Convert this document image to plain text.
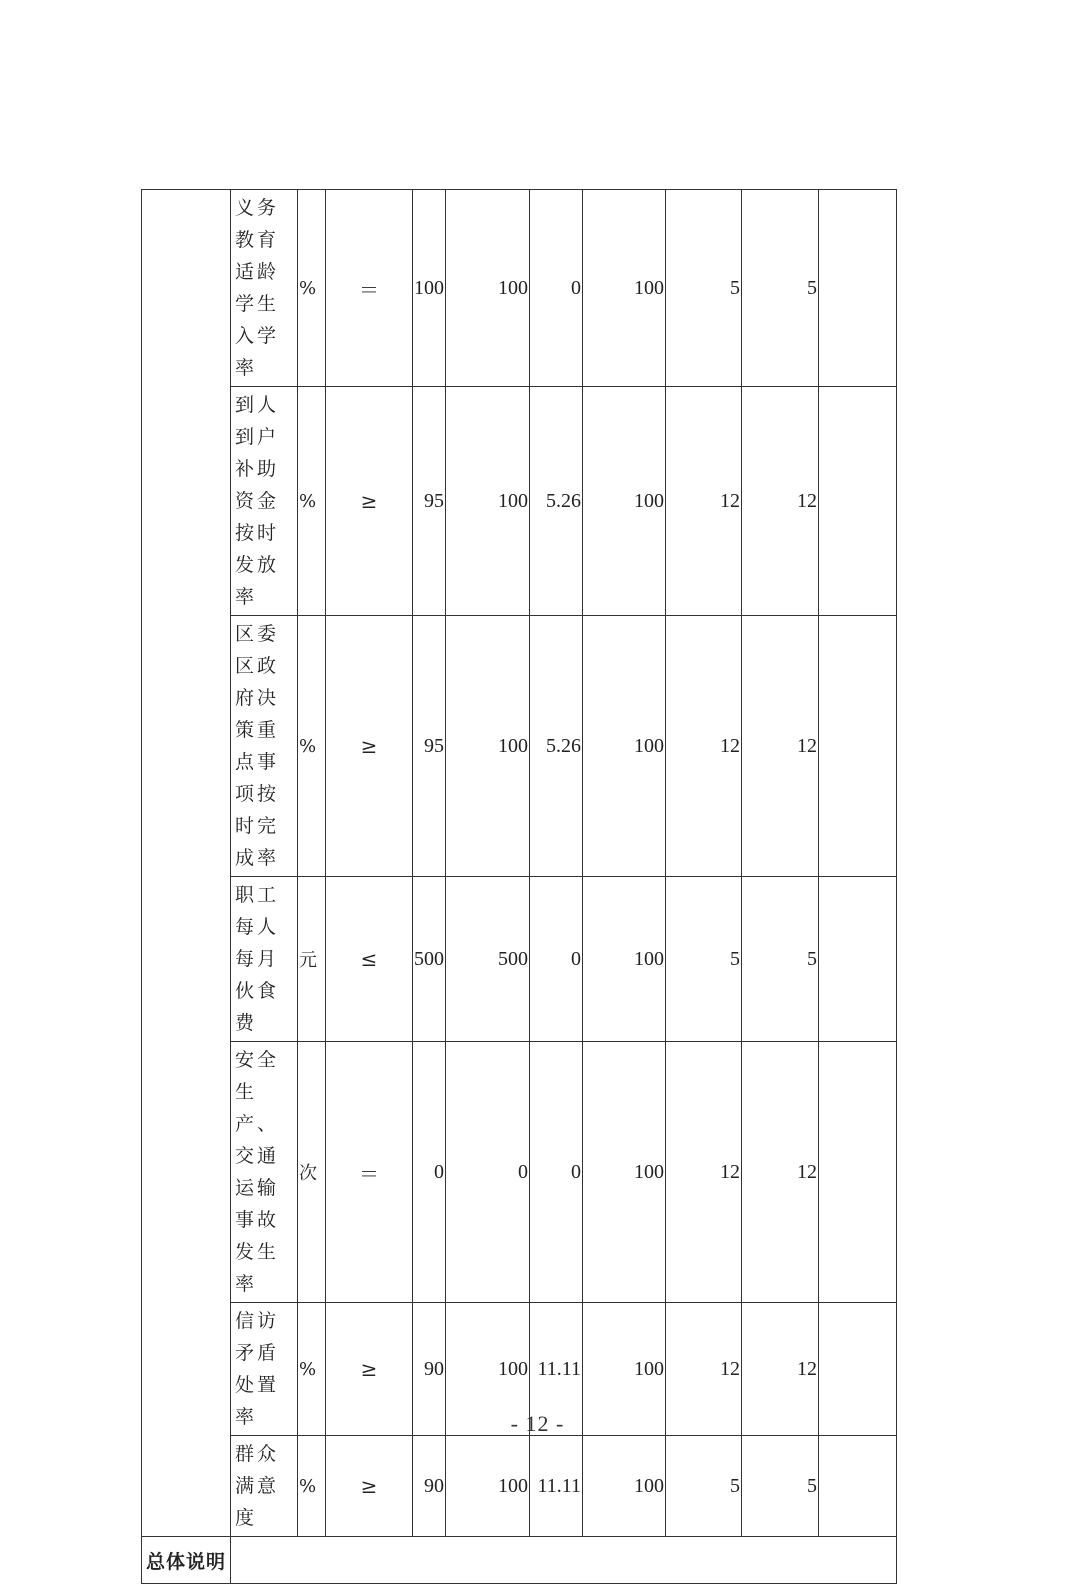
	义务教育适龄学生入学率	%	＝	100	100	0	100	5	5	
	到人到户补助资金按时发放率	%	≥	95	100	5.26	100	12	12	
	区委区政府决策重点事项按时完成率	%	≥	95	100	5.26	100	12	12	
	职工每人每月伙食费	元	≤	500	500	0	100	5	5	
	安全生产、交通运输事故发生率	次	＝	0	0	0	100	12	12	
	信访矛盾处置率	%	≥	90	100	11.11	100	12	12	
	群众满意度	%	≥	90	100	11.11	100	5	5	
总体说明										
- 12 -
